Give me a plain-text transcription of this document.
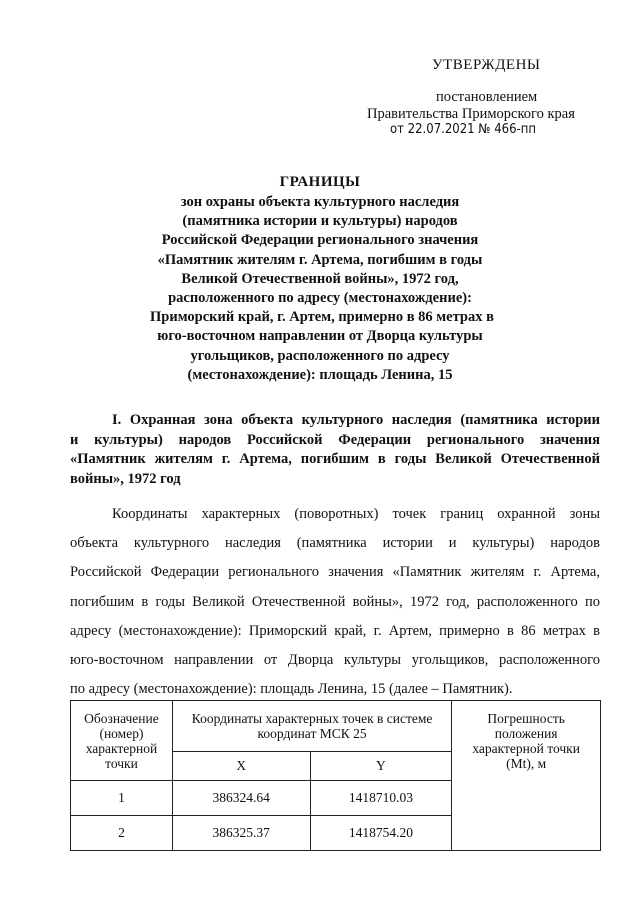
УТВЕРЖДЕНЫ
постановлением
Правительства Приморского края
от 22.07.2021 № 466-пп
ГРАНИЦЫ
зон охраны объекта культурного наследия
(памятника истории и культуры) народов
Российской Федерации регионального значения
«Памятник жителям г. Артема, погибшим в годы
Великой Отечественной войны», 1972 год,
расположенного по адресу (местонахождение):
Приморский край, г. Артем, примерно в 86 метрах в
юго-восточном направлении от Дворца культуры
угольщиков, расположенного по адресу
(местонахождение): площадь Ленина, 15
I. Охранная зона объекта культурного наследия (памятника истории
и культуры) народов Российской Федерации регионального значения
«Памятник жителям г. Артема, погибшим в годы Великой Отечественной
войны», 1972 год
Координаты характерных (поворотных) точек границ охранной зоны
объекта культурного наследия (памятника истории и культуры) народов
Российской Федерации регионального значения «Памятник жителям г. Артема,
погибшим в годы Великой Отечественной войны», 1972 год, расположенного по
адресу (местонахождение): Приморский край, г. Артем, примерно в 86 метрах в
юго-восточном направлении от Дворца культуры угольщиков, расположенного
по адресу (местонахождение): площадь Ленина, 15 (далее – Памятник).
Обозначение
(номер)
характерной
точки	Координаты характерных точек в системе
координат МСК 25		Погрешность
положения
характерной точки
(Mt), м

	X	Y	
1	386324.64	1418710.03	
2	386325.37	1418754.20	
